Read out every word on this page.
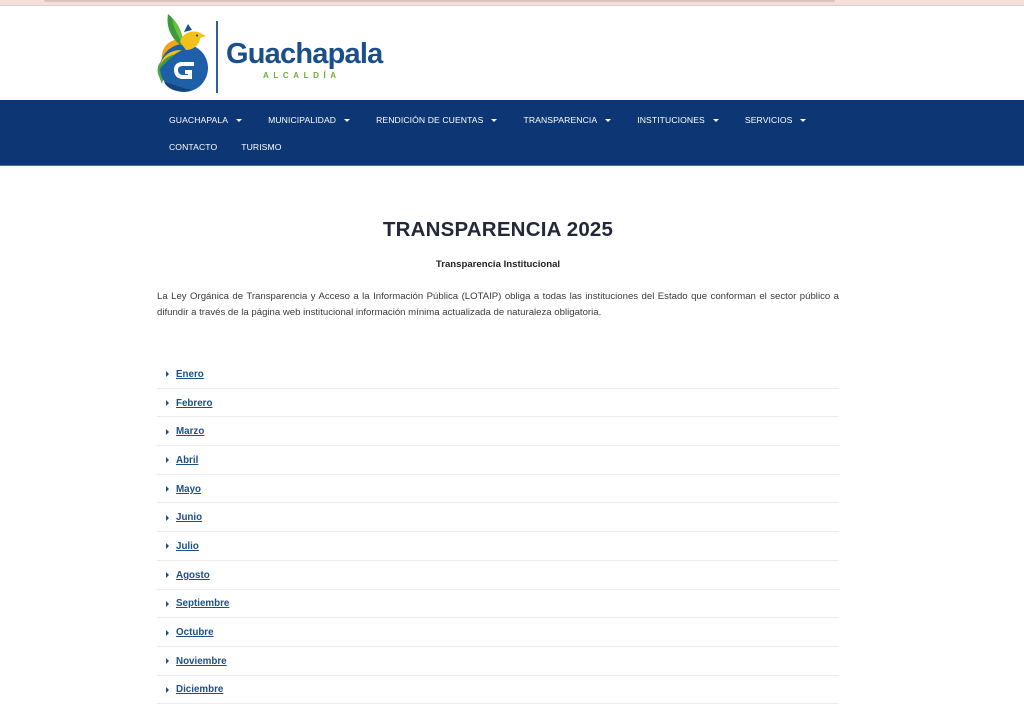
Guachapala
ALCALDÍA
GUACHAPALA	MUNICIPALIDAD	RENDICIÓN DE CUENTAS	TRANSPARENCIA	INSTITUCIONES	SERVICIOS
CONTACTO	TURISMO
TRANSPARENCIA 2025
Transparencia Institucional

La Ley Orgánica de Transparencia y Acceso a la Información Pública (LOTAIP) obliga a todas las instituciones del Estado que conforman el sector público a difundir a través de la página web institucional información mínima actualizada de naturaleza obligatoria.

Enero
Febrero
Marzo
Abril
Mayo
Junio
Julio
Agosto
Septiembre
Octubre
Noviembre
Diciembre
